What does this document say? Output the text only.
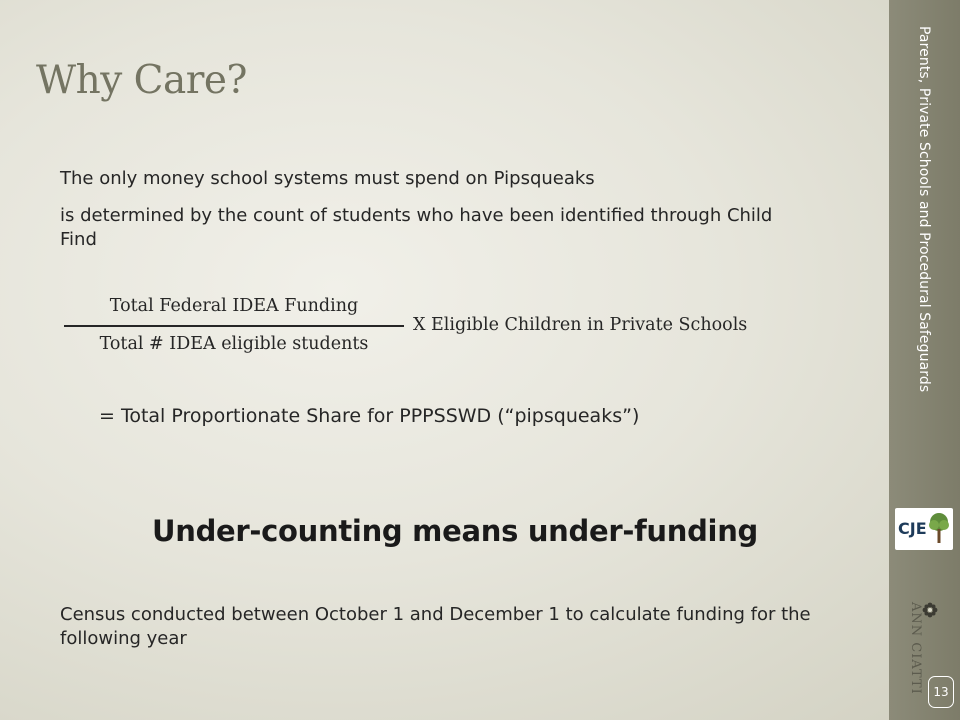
Parents, Private Schools and Procedural Safeguards
CJE
ANN CIATTI 13
Why Care?
The only money school systems must spend on Pipsqueaks
is determined by the count of students who have been identified through Child Find
Total Federal IDEA Funding
Total # IDEA eligible students
X Eligible Children in Private Schools
= Total Proportionate Share for PPPSSWD (“pipsqueaks”)
Under-counting means under-funding
Census conducted between October 1 and December 1 to calculate funding for the following year
